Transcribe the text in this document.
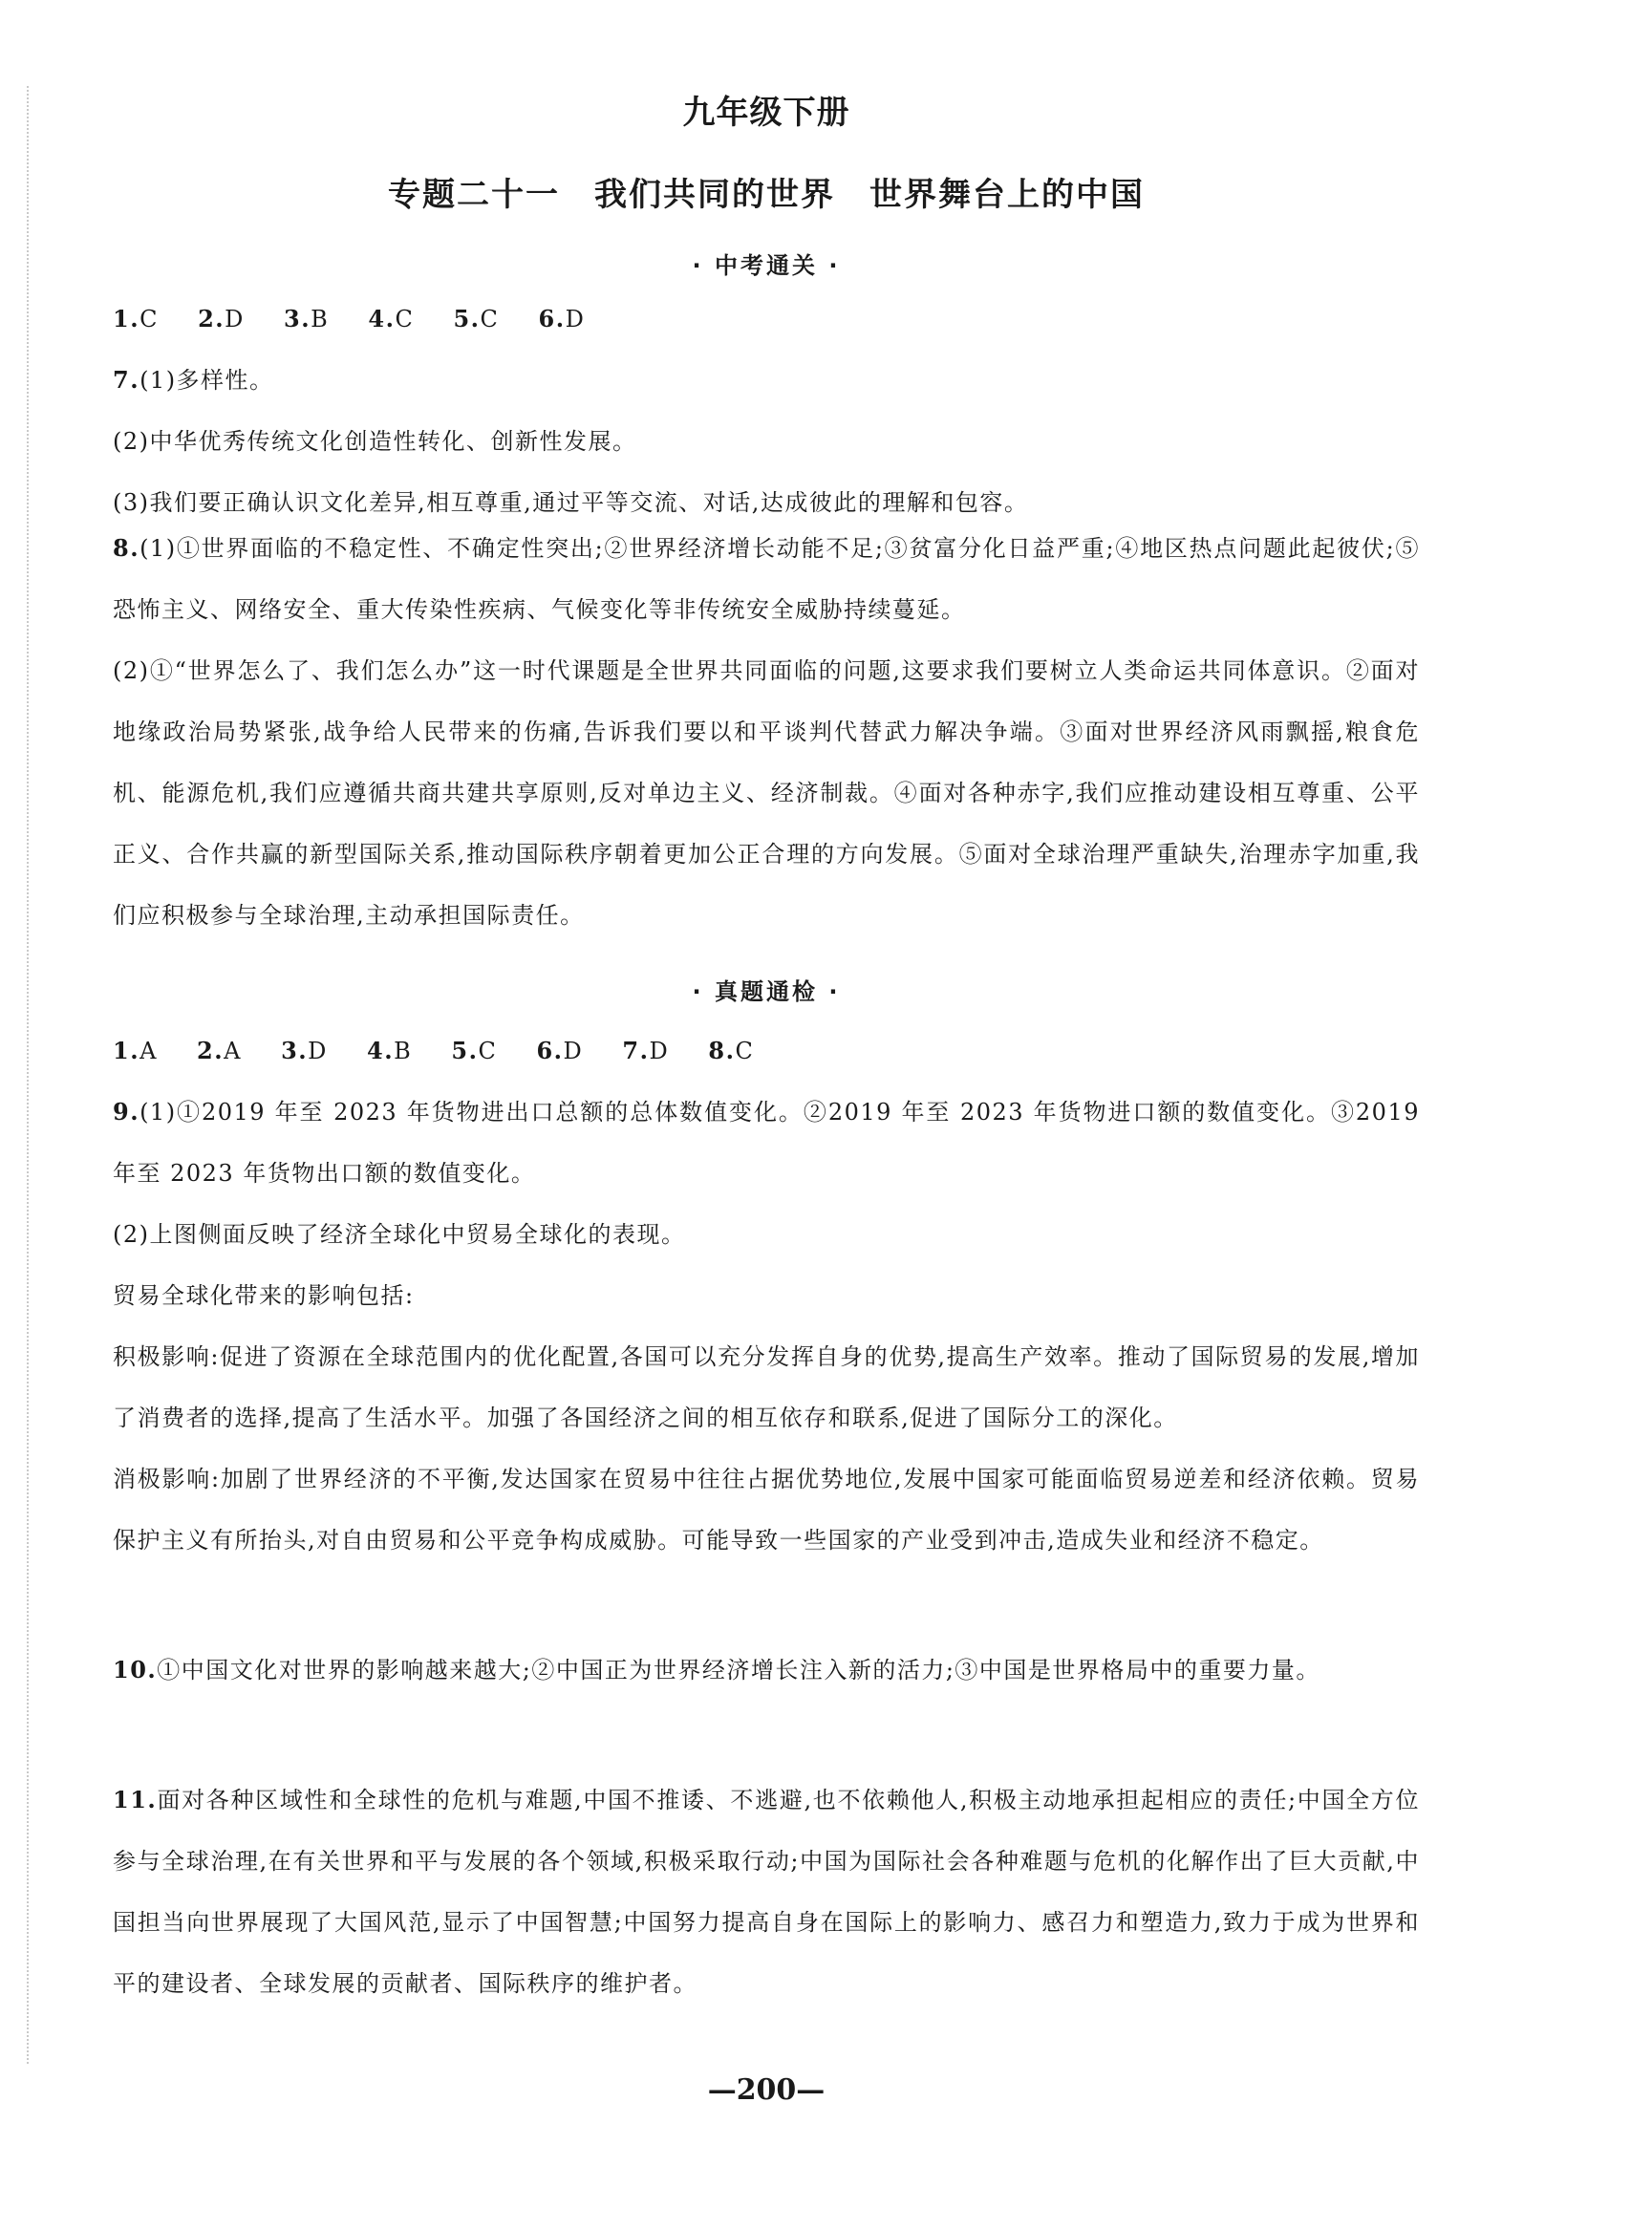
九年级下册
专题二十一　我们共同的世界　世界舞台上的中国
· 中考通关 ·

1.C 2.D 3.B 4.C 5.C 6.D

7.(1)多样性。

(2)中华优秀传统文化创造性转化、创新性发展。

(3)我们要正确认识文化差异,相互尊重,通过平等交流、对话,达成彼此的理解和包容。

8.(1)①世界面临的不稳定性、不确定性突出;②世界经济增长动能不足;③贫富分化日益严重;④地区热点问题此起彼伏;⑤恐怖主义、网络安全、重大传染性疾病、气候变化等非传统安全威胁持续蔓延。

(2)①“世界怎么了、我们怎么办”这一时代课题是全世界共同面临的问题,这要求我们要树立人类命运共同体意识。②面对地缘政治局势紧张,战争给人民带来的伤痛,告诉我们要以和平谈判代替武力解决争端。③面对世界经济风雨飘摇,粮食危机、能源危机,我们应遵循共商共建共享原则,反对单边主义、经济制裁。④面对各种赤字,我们应推动建设相互尊重、公平正义、合作共赢的新型国际关系,推动国际秩序朝着更加公正合理的方向发展。⑤面对全球治理严重缺失,治理赤字加重,我们应积极参与全球治理,主动承担国际责任。

· 真题通检 ·

1.A 2.A 3.D 4.B 5.C 6.D 7.D 8.C

9.(1)①2019 年至 2023 年货物进出口总额的总体数值变化。②2019 年至 2023 年货物进口额的数值变化。③2019年至 2023 年货物出口额的数值变化。

(2)上图侧面反映了经济全球化中贸易全球化的表现。

贸易全球化带来的影响包括:

积极影响:促进了资源在全球范围内的优化配置,各国可以充分发挥自身的优势,提高生产效率。推动了国际贸易的发展,增加了消费者的选择,提高了生活水平。加强了各国经济之间的相互依存和联系,促进了国际分工的深化。

消极影响:加剧了世界经济的不平衡,发达国家在贸易中往往占据优势地位,发展中国家可能面临贸易逆差和经济依赖。贸易保护主义有所抬头,对自由贸易和公平竞争构成威胁。可能导致一些国家的产业受到冲击,造成失业和经济不稳定。

10.①中国文化对世界的影响越来越大;②中国正为世界经济增长注入新的活力;③中国是世界格局中的重要力量。

11.面对各种区域性和全球性的危机与难题,中国不推诿、不逃避,也不依赖他人,积极主动地承担起相应的责任;中国全方位参与全球治理,在有关世界和平与发展的各个领域,积极采取行动;中国为国际社会各种难题与危机的化解作出了巨大贡献,中国担当向世界展现了大国风范,显示了中国智慧;中国努力提高自身在国际上的影响力、感召力和塑造力,致力于成为世界和平的建设者、全球发展的贡献者、国际秩序的维护者。

—200—
